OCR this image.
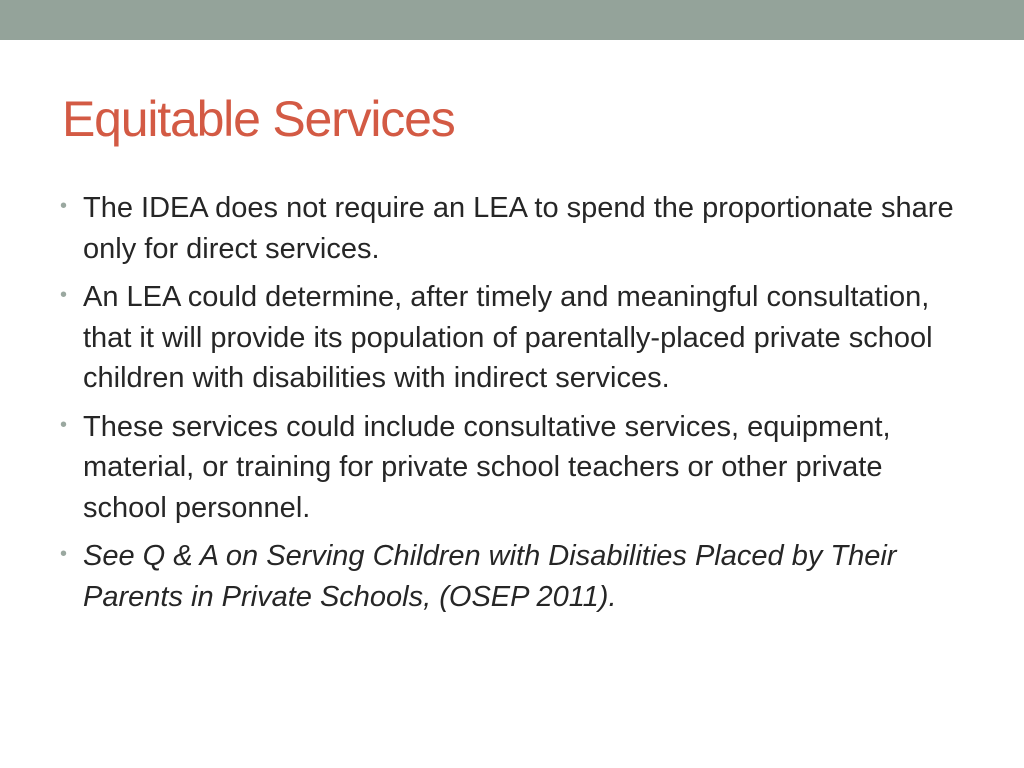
Equitable Services
• The IDEA does not require an LEA to spend the proportionate share only for direct services.
• An LEA could determine, after timely and meaningful consultation, that it will provide its population of parentally-placed private school children with disabilities with indirect services.
• These services could include consultative services, equipment, material, or training for private school teachers or other private school personnel.
• See Q & A on Serving Children with Disabilities Placed by Their Parents in Private Schools, (OSEP 2011).
